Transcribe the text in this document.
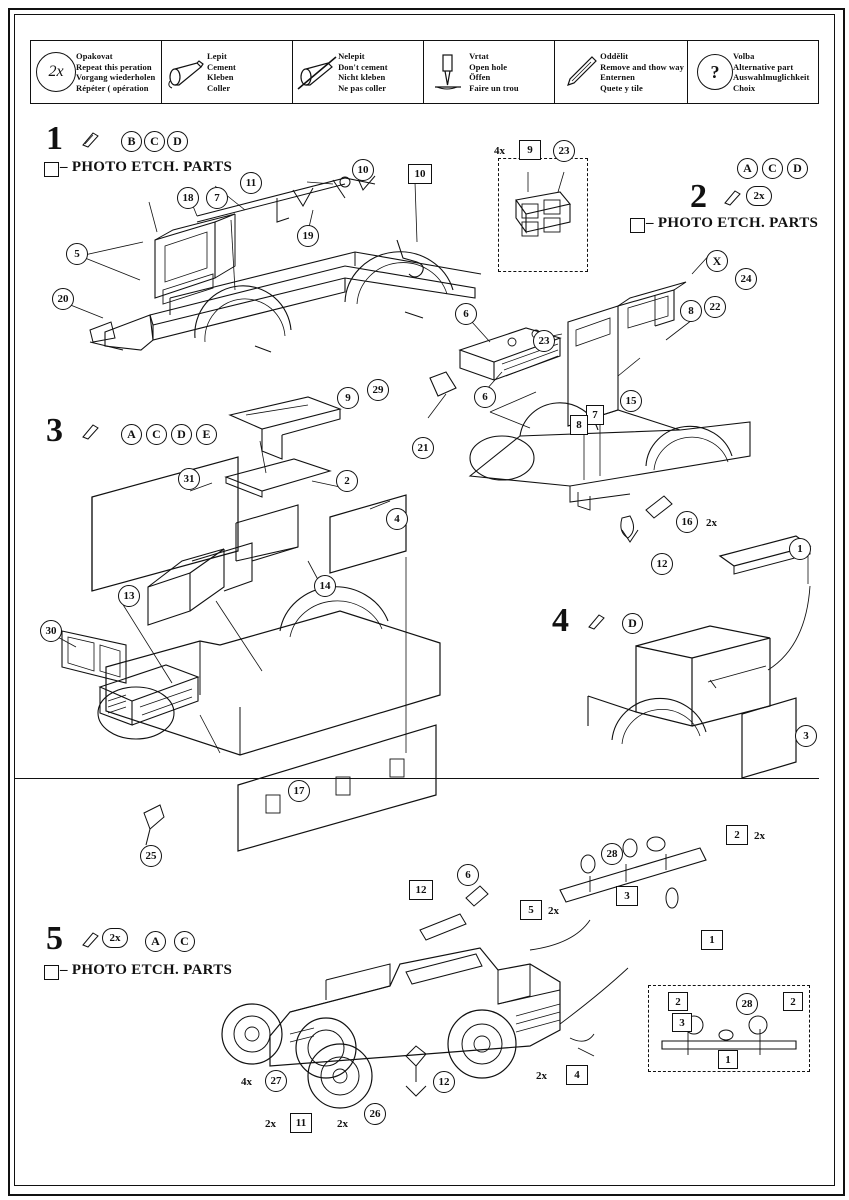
2x
Opakovat
Repeat this peration
Vorgang wiederholen
Répéter ( opération
Lepit
Cement
Kleben
Coller
Nelepit
Don't cement
Nicht kleben
Ne pas coller
Vrtat
Open hole
Öffen
Faire un trou
Oddělit
Remove and thow way
Enternen
Quete y tile
?
Volba
Alternative part
Auswahlmuglichkeit
Choix
1	B	C	D
– PHOTO ETCH. PARTS
5
20
18	7
11
10	10
19
2	2x
A	C	D
– PHOTO ETCH. PARTS
9	23
4x
6
6
23
15
29
21
7
8
16	2x
12
8	22
24
X
3	A	C	D	E
9
2
31
4
13
14
30
17
25
4	D
1
3
5	2x	A	C
– PHOTO ETCH. PARTS
12
6
5	2x
2	2x
3
1
28
27
4x
11
2x
26
2x
12	2x	4
2	2
28
3
1
